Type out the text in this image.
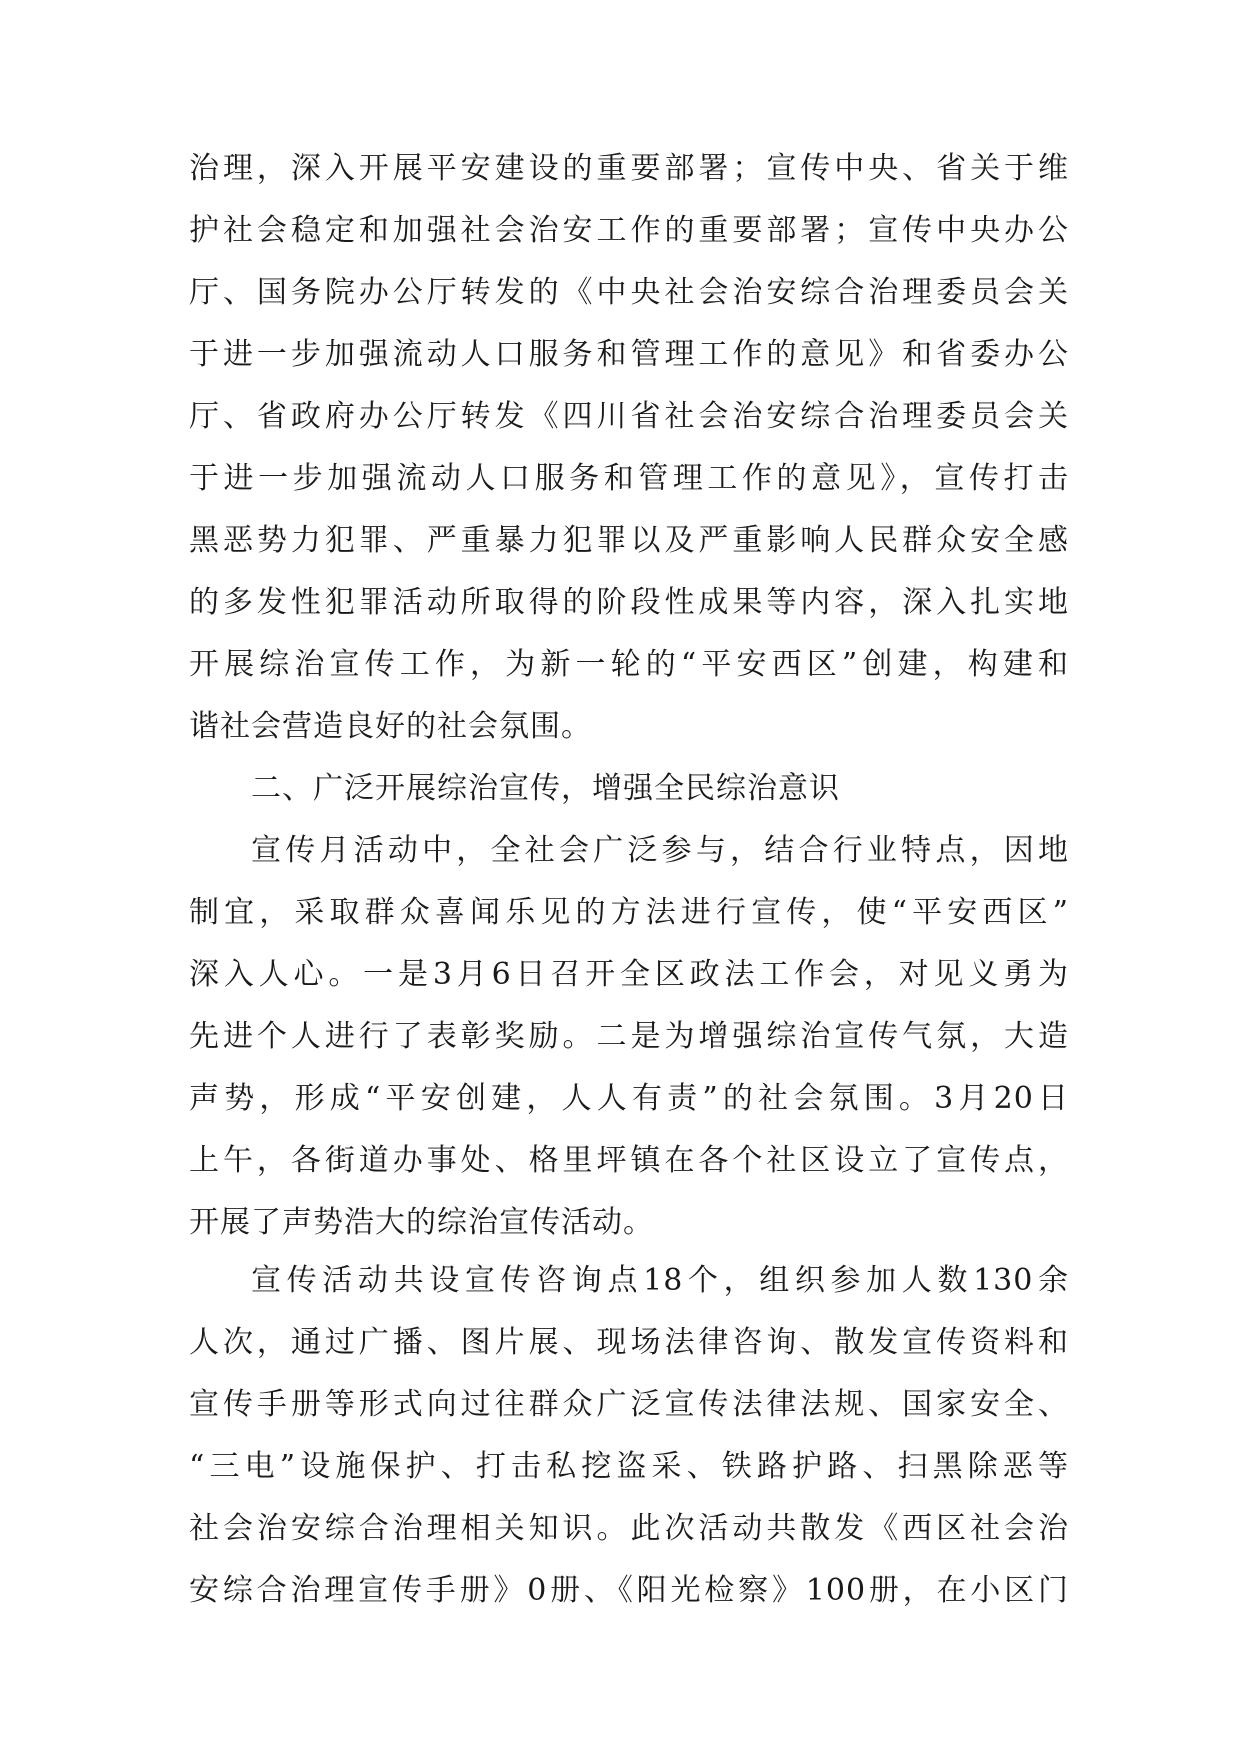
治理，深入开展平安建设的重要部署；宣传中央、省关于维
护社会稳定和加强社会治安工作的重要部署；宣传中央办公
厅、国务院办公厅转发的《中央社会治安综合治理委员会关
于进一步加强流动人口服务和管理工作的意见》和省委办公
厅、省政府办公厅转发《四川省社会治安综合治理委员会关
于进一步加强流动人口服务和管理工作的意见》，宣传打击
黑恶势力犯罪、严重暴力犯罪以及严重影响人民群众安全感
的多发性犯罪活动所取得的阶段性成果等内容，深入扎实地
开展综治宣传工作，为新一轮的“平安西区”创建，构建和
谐社会营造良好的社会氛围。
二、广泛开展综治宣传，增强全民综治意识
宣传月活动中，全社会广泛参与，结合行业特点，因地
制宜，采取群众喜闻乐见的方法进行宣传，使“平安西区”
深入人心。一是3月6日召开全区政法工作会，对见义勇为
先进个人进行了表彰奖励。二是为增强综治宣传气氛，大造
声势，形成“平安创建，人人有责”的社会氛围。3月20日
上午，各街道办事处、格里坪镇在各个社区设立了宣传点，
开展了声势浩大的综治宣传活动。
宣传活动共设宣传咨询点18个，组织参加人数130余
人次，通过广播、图片展、现场法律咨询、散发宣传资料和
宣传手册等形式向过往群众广泛宣传法律法规、国家安全、
“三电”设施保护、打击私挖盗采、铁路护路、扫黑除恶等
社会治安综合治理相关知识。此次活动共散发《西区社会治
安综合治理宣传手册》0册、《阳光检察》100册，在小区门
